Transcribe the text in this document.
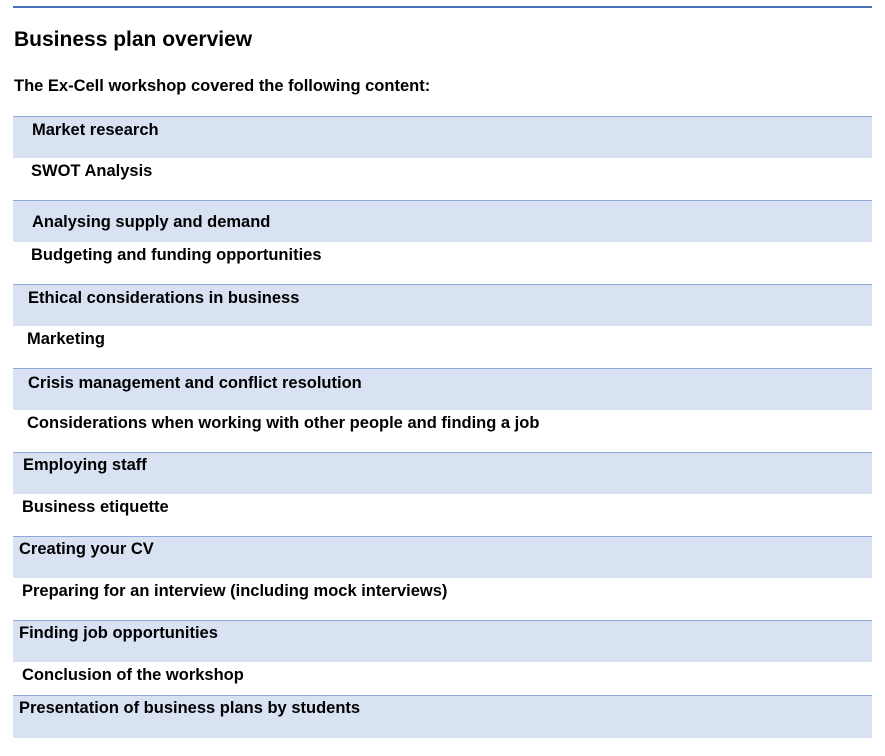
Business plan overview
The Ex-Cell workshop covered the following content:
Market research
SWOT Analysis
Analysing supply and demand
Budgeting and funding opportunities
Ethical considerations in business
Marketing
Crisis management and conflict resolution
Considerations when working with other people and finding a job
Employing staff
Business etiquette
Creating your CV
Preparing for an interview (including mock interviews)
Finding job opportunities
Conclusion of the workshop
Presentation of business plans by students
